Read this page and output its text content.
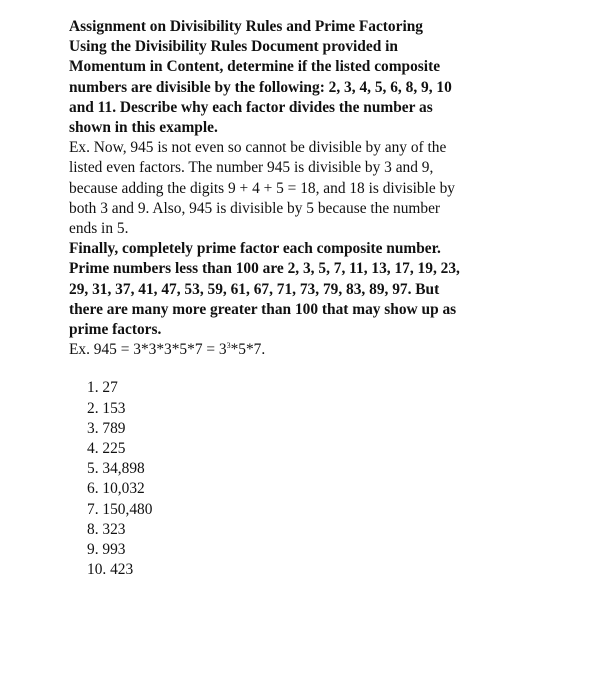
Assignment on Divisibility Rules and Prime Factoring
Using the Divisibility Rules Document provided in
Momentum in Content, determine if the listed composite
numbers are divisible by the following: 2, 3, 4, 5, 6, 8, 9, 10
and 11. Describe why each factor divides the number as
shown in this example.
Ex. Now, 945 is not even so cannot be divisible by any of the
listed even factors. The number 945 is divisible by 3 and 9,
because adding the digits 9 + 4 + 5 = 18, and 18 is divisible by
both 3 and 9. Also, 945 is divisible by 5 because the number
ends in 5.
Finally, completely prime factor each composite number.
Prime numbers less than 100 are 2, 3, 5, 7, 11, 13, 17, 19, 23,
29, 31, 37, 41, 47, 53, 59, 61, 67, 71, 73, 79, 83, 89, 97. But
there are many more greater than 100 that may show up as
prime factors.
Ex. $945 = 3*3*3*5*7 = 3^3*5*7$.
1. 27
2. 153
3. 789
4. 225
5. 34,898
6. 10,032
7. 150,480
8. 323
9. 993
10. 423
